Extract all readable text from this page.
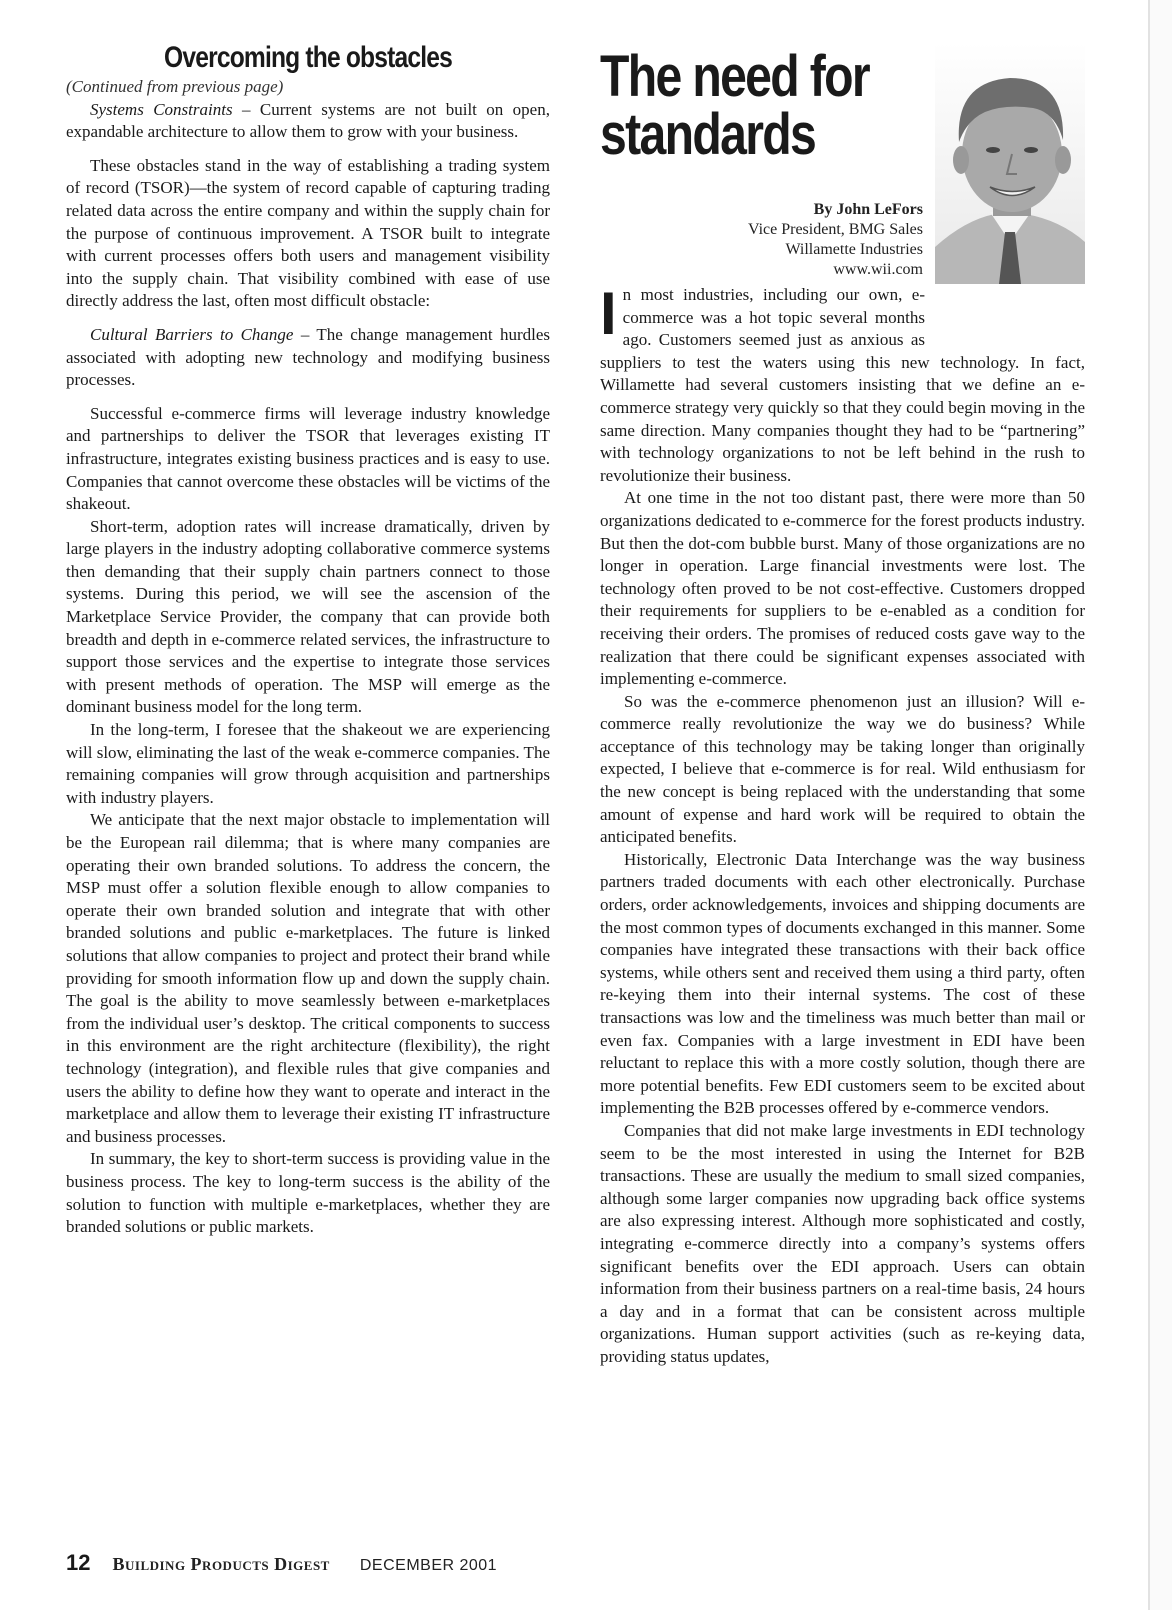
Overcoming the obstacles

(Continued from previous page)

Systems Constraints – Current systems are not built on open, expandable architecture to allow them to grow with your business.

These obstacles stand in the way of establishing a trading system of record (TSOR)—the system of record capable of capturing trading related data across the entire company and within the supply chain for the purpose of continuous improvement. A TSOR built to integrate with current processes offers both users and management visibility into the supply chain. That visibility combined with ease of use directly address the last, often most difficult obstacle:

Cultural Barriers to Change – The change management hurdles associated with adopting new technology and modifying business processes.

Successful e-commerce firms will leverage industry knowledge and partnerships to deliver the TSOR that leverages existing IT infrastructure, integrates existing business practices and is easy to use. Companies that cannot overcome these obstacles will be victims of the shakeout.

Short-term, adoption rates will increase dramatically, driven by large players in the industry adopting collaborative commerce systems then demanding that their supply chain partners connect to those systems. During this period, we will see the ascension of the Marketplace Service Provider, the company that can provide both breadth and depth in e-commerce related services, the infrastructure to support those services and the expertise to integrate those services with present methods of operation. The MSP will emerge as the dominant business model for the long term.

In the long-term, I foresee that the shakeout we are experiencing will slow, eliminating the last of the weak e-commerce companies. The remaining companies will grow through acquisition and partnerships with industry players.

We anticipate that the next major obstacle to implementation will be the European rail dilemma; that is where many companies are operating their own branded solutions. To address the concern, the MSP must offer a solution flexible enough to allow companies to operate their own branded solution and integrate that with other branded solutions and public e-marketplaces. The future is linked solutions that allow companies to project and protect their brand while providing for smooth information flow up and down the supply chain. The goal is the ability to move seamlessly between e-marketplaces from the individual user’s desktop. The critical components to success in this environment are the right architecture (flexibility), the right technology (integration), and flexible rules that give companies and users the ability to define how they want to operate and interact in the marketplace and allow them to leverage their existing IT infrastructure and business processes.

In summary, the key to short-term success is providing value in the business process. The key to long-term success is the ability of the solution to function with multiple e-marketplaces, whether they are branded solutions or public markets.

The need for
standards
By John LeFors
Vice President, BMG Sales
Willamette Industries
www.wii.com

In most industries, including our own, e-commerce was a hot topic several months ago. Customers seemed just as anxious as suppliers to test the waters using this new technology. In fact, Willamette had several customers insisting that we define an e-commerce strategy very quickly so that they could begin moving in the same direction. Many companies thought they had to be “partnering” with technology organizations to not be left behind in the rush to revolutionize their business.

At one time in the not too distant past, there were more than 50 organizations dedicated to e-commerce for the forest products industry. But then the dot-com bubble burst. Many of those organizations are no longer in operation. Large financial investments were lost. The technology often proved to be not cost-effective. Customers dropped their requirements for suppliers to be e-enabled as a condition for receiving their orders. The promises of reduced costs gave way to the realization that there could be significant expenses associated with implementing e-commerce.

So was the e-commerce phenomenon just an illusion? Will e-commerce really revolutionize the way we do business? While acceptance of this technology may be taking longer than originally expected, I believe that e-commerce is for real. Wild enthusiasm for the new concept is being replaced with the understanding that some amount of expense and hard work will be required to obtain the anticipated benefits.

Historically, Electronic Data Interchange was the way business partners traded documents with each other electronically. Purchase orders, order acknowledgements, invoices and shipping documents are the most common types of documents exchanged in this manner. Some companies have integrated these transactions with their back office systems, while others sent and received them using a third party, often re-keying them into their internal systems. The cost of these transactions was low and the timeliness was much better than mail or even fax. Companies with a large investment in EDI have been reluctant to replace this with a more costly solution, though there are more potential benefits. Few EDI customers seem to be excited about implementing the B2B processes offered by e-commerce vendors.

Companies that did not make large investments in EDI technology seem to be the most interested in using the Internet for B2B transactions. These are usually the medium to small sized companies, although some larger companies now upgrading back office systems are also expressing interest. Although more sophisticated and costly, integrating e-commerce directly into a company’s systems offers significant benefits over the EDI approach. Users can obtain information from their business partners on a real-time basis, 24 hours a day and in a format that can be consistent across multiple organizations. Human support activities (such as re-keying data, providing status updates,

12 Building Products Digest DECEMBER 2001
